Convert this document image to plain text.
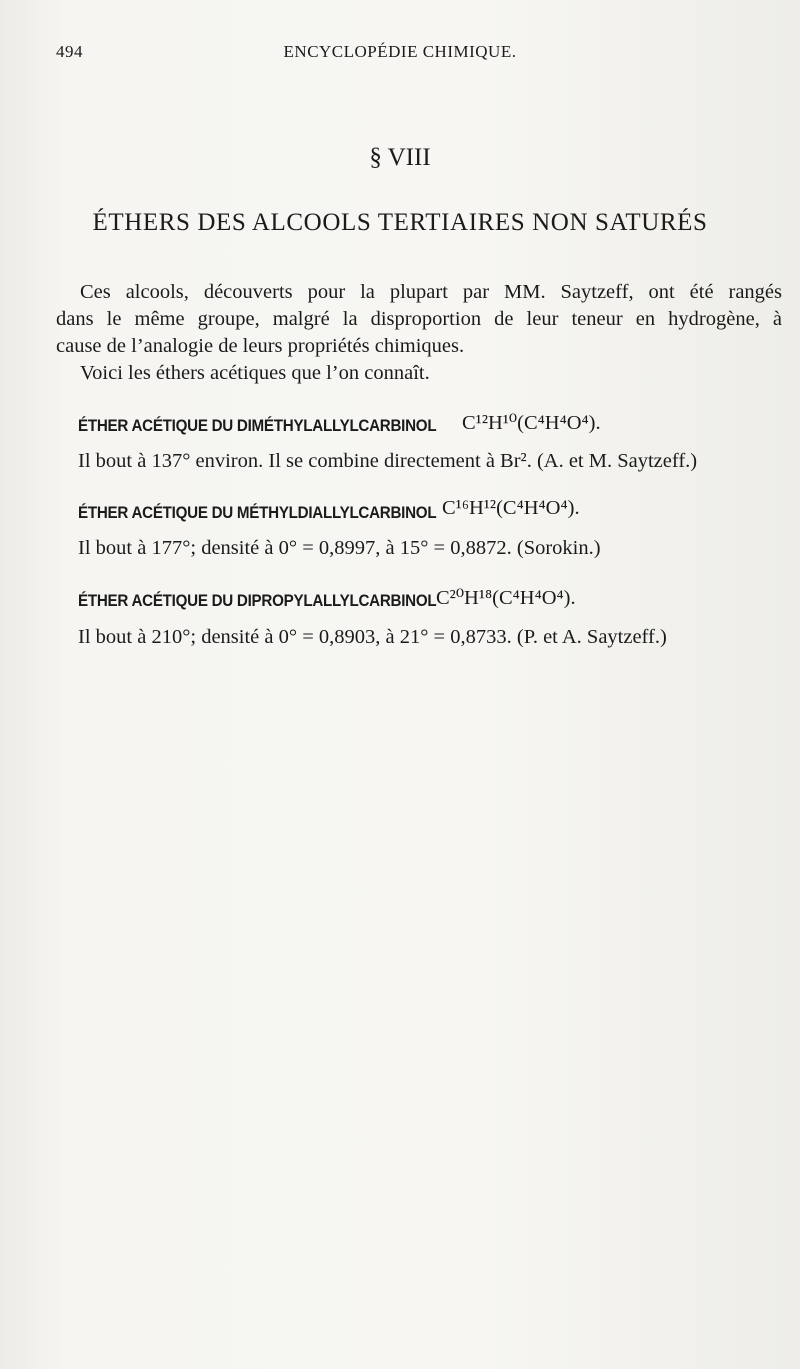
494	ENCYCLOPÉDIE CHIMIQUE.
§ VIII
ÉTHERS DES ALCOOLS TERTIAIRES NON SATURÉS
Ces alcools, découverts pour la plupart par MM. Saytzeff, ont été rangés
dans le même groupe, malgré la disproportion de leur teneur en hydrogène, à
cause de l’analogie de leurs propriétés chimiques.
Voici les éthers acétiques que l’on connaît.
ÉTHER ACÉTIQUE DU DIMÉTHYLALLYLCARBINOL C¹²H¹⁰(C⁴H⁴O⁴).
Il bout à 137° environ. Il se combine directement à Br². (A. et M. Saytzeff.)
ÉTHER ACÉTIQUE DU MÉTHYLDIALLYLCARBINOL C¹⁶H¹²(C⁴H⁴O⁴).
Il bout à 177°; densité à 0° = 0,8997, à 15° = 0,8872. (Sorokin.)
ÉTHER ACÉTIQUE DU DIPROPYLALLYLCARBINOL C²⁰H¹⁸(C⁴H⁴O⁴).
Il bout à 210°; densité à 0° = 0,8903, à 21° = 0,8733. (P. et A. Saytzeff.)
